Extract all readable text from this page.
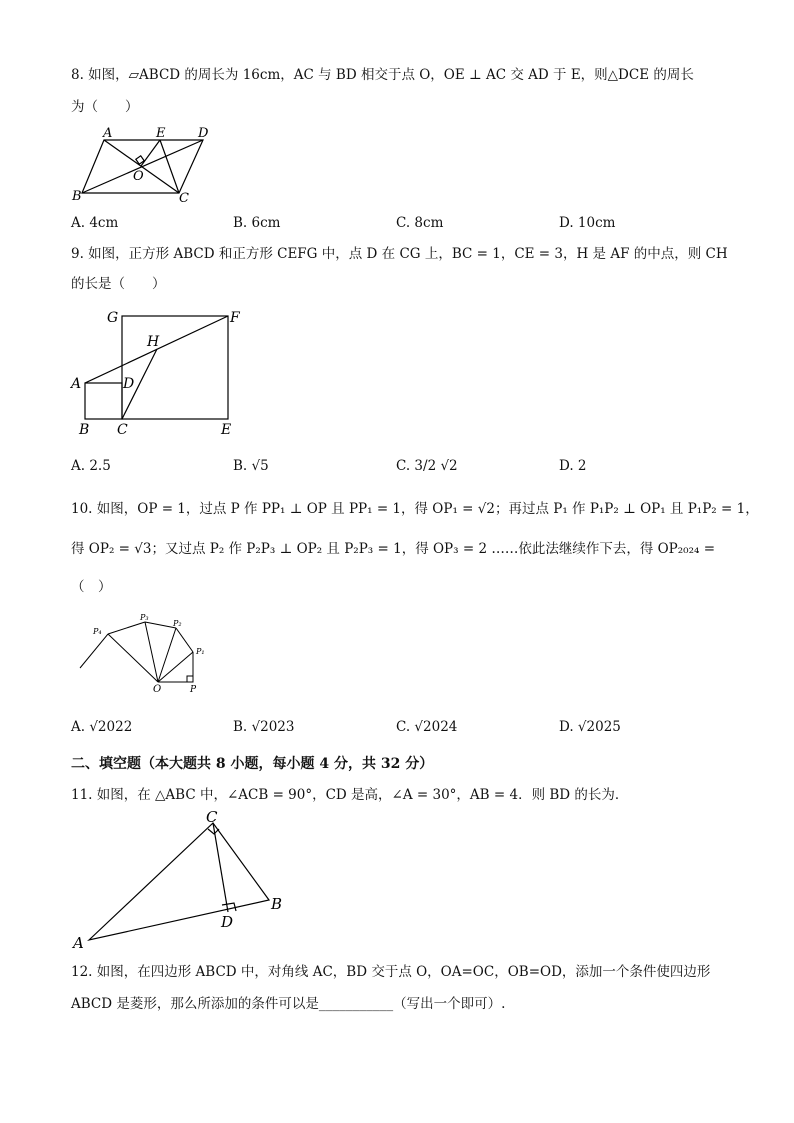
8. 如图，▱ABCD 的周长为 16cm，AC 与 BD 相交于点 O，OE ⊥ AC 交 AD 于 E，则△DCE 的周长
为（　　）
A	E	D
B
O
C
A. 4cm	B. 6cm	C. 8cm	D. 10cm
9. 如图，正方形 ABCD 和正方形 CEFG 中，点 D 在 CG 上，BC = 1，CE = 3，H 是 AF 的中点，则 CH
的长是（　　）
G	F
H
A	D
B C	E
A. 2.5	B. √5	C. 3/2 √2	D. 2
10. 如图，OP = 1，过点 P 作 PP₁ ⊥ OP 且 PP₁ = 1，得 OP₁ = √2；再过点 P₁ 作 P₁P₂ ⊥ OP₁ 且 P₁P₂ = 1，
得 OP₂ = √3；又过点 P₂ 作 P₂P₃ ⊥ OP₂ 且 P₂P₃ = 1，得 OP₃ = 2 ……依此法继续作下去，得 OP₂₀₂₄ =
（　）
P₄
P₃
P₂
P₁
O	P
A. √2022	B. √2023	C. √2024	D. √2025
二、填空题（本大题共 8 小题，每小题 4 分，共 32 分）
11. 如图，在 △ABC 中，∠ACB = 90°，CD 是高，∠A = 30°，AB = 4．则 BD 的长为．
C
B
D
A
12. 如图，在四边形 ABCD 中，对角线 AC，BD 交于点 O，OA=OC，OB=OD，添加一个条件使四边形
ABCD 是菱形，那么所添加的条件可以是___________（写出一个即可）.
